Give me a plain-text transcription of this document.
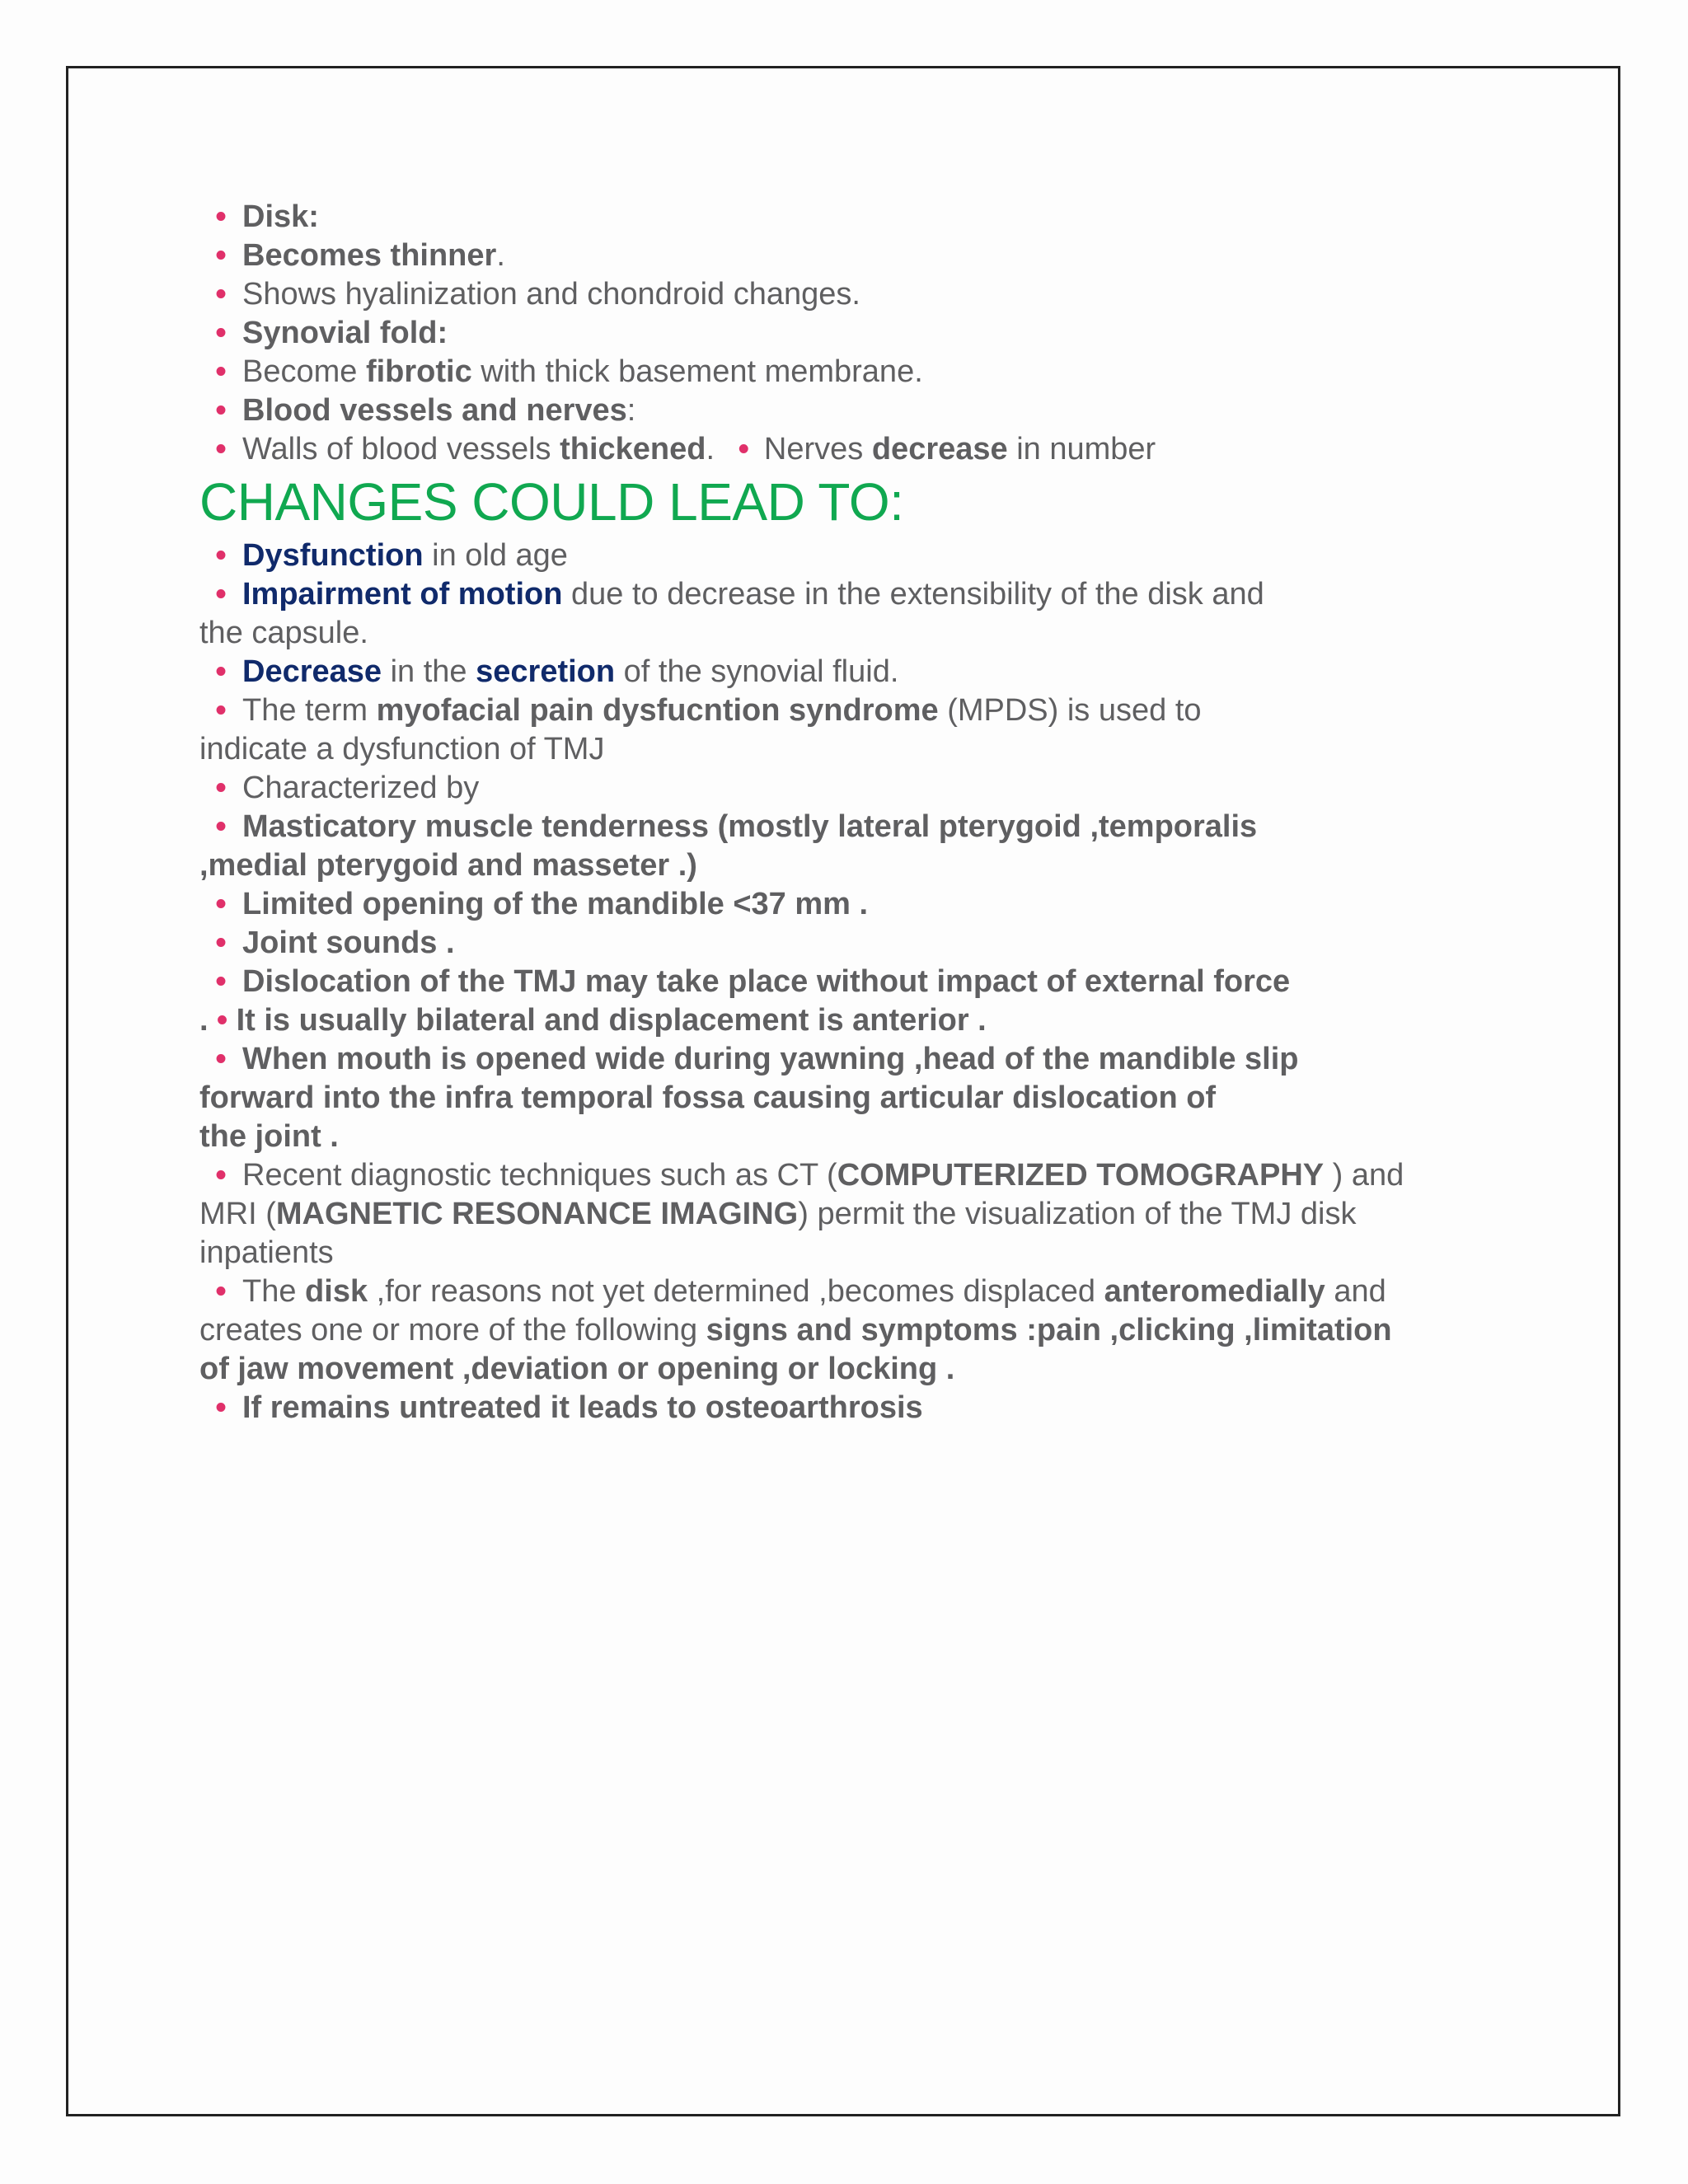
• Disk:
• Becomes thinner.
• Shows hyalinization and chondroid changes.
• Synovial fold:
• Become fibrotic with thick basement membrane.
• Blood vessels and nerves:
• Walls of blood vessels thickened. • Nerves decrease in number
CHANGES COULD LEAD TO:
• Dysfunction in old age
• Impairment of motion due to decrease in the extensibility of the disk and
the capsule.
• Decrease in the secretion of the synovial fluid.
• The term myofacial pain dysfucntion syndrome (MPDS) is used to
indicate a dysfunction of TMJ
• Characterized by
• Masticatory muscle tenderness (mostly lateral pterygoid ,temporalis
,medial pterygoid and masseter .)
• Limited opening of the mandible <37 mm .
• Joint sounds .
• Dislocation of the TMJ may take place without impact of external force
. • It is usually bilateral and displacement is anterior .
• When mouth is opened wide during yawning ,head of the mandible slip
forward into the infra temporal fossa causing articular dislocation of
the joint .
• Recent diagnostic techniques such as CT (COMPUTERIZED TOMOGRAPHY ) and
MRI (MAGNETIC RESONANCE IMAGING) permit the visualization of the TMJ disk
inpatients
• The disk ,for reasons not yet determined ,becomes displaced anteromedially and
creates one or more of the following signs and symptoms :pain ,clicking ,limitation
of jaw movement ,deviation or opening or locking .
• If remains untreated it leads to osteoarthrosis
